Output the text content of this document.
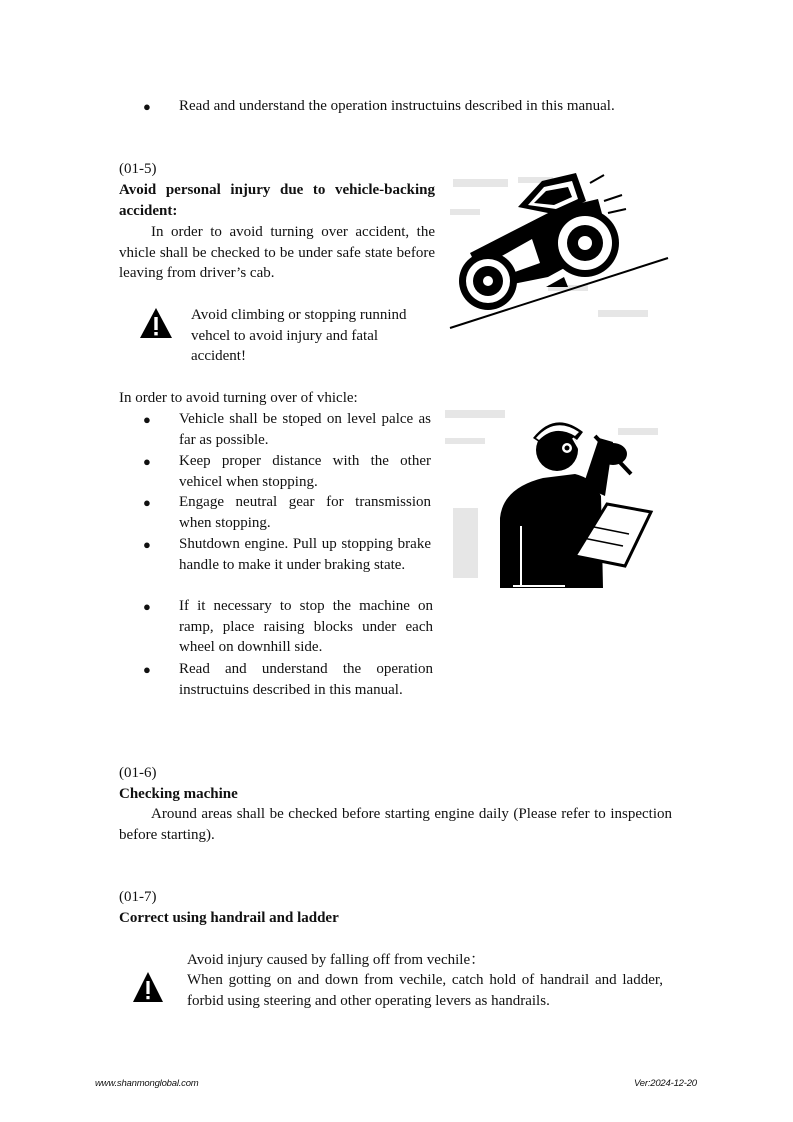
● Read and understand the operation instructuins described in this manual.
(01-5)
Avoid personal injury due to vehicle-backing accident:
In order to avoid turning over accident, the vhicle shall be checked to be under safe state before leaving from driver’s cab.
Avoid climbing or stopping runnind vehcel to avoid injury and fatal accident!
In order to avoid turning over of vhicle:
● Vehicle shall be stoped on level palce as far as possible.
● Keep proper distance with the other vehicel when stopping.
● Engage neutral gear for transmission when stopping.
● Shutdown engine. Pull up stopping brake handle to make it under braking state.
● If it necessary to stop the machine on ramp, place raising blocks under each wheel on downhill side.
● Read and understand the operation instructuins described in this manual.
(01-6)
Checking machine
Around areas shall be checked before starting engine daily (Please refer to inspection before starting).
(01-7)
Correct using handrail and ladder
Avoid injury caused by falling off from vechile：
When gotting on and down from vechile, catch hold of handrail and ladder, forbid using steering and other operating levers as handrails.
www.shanmonglobal.com	Ver:2024-12-20
